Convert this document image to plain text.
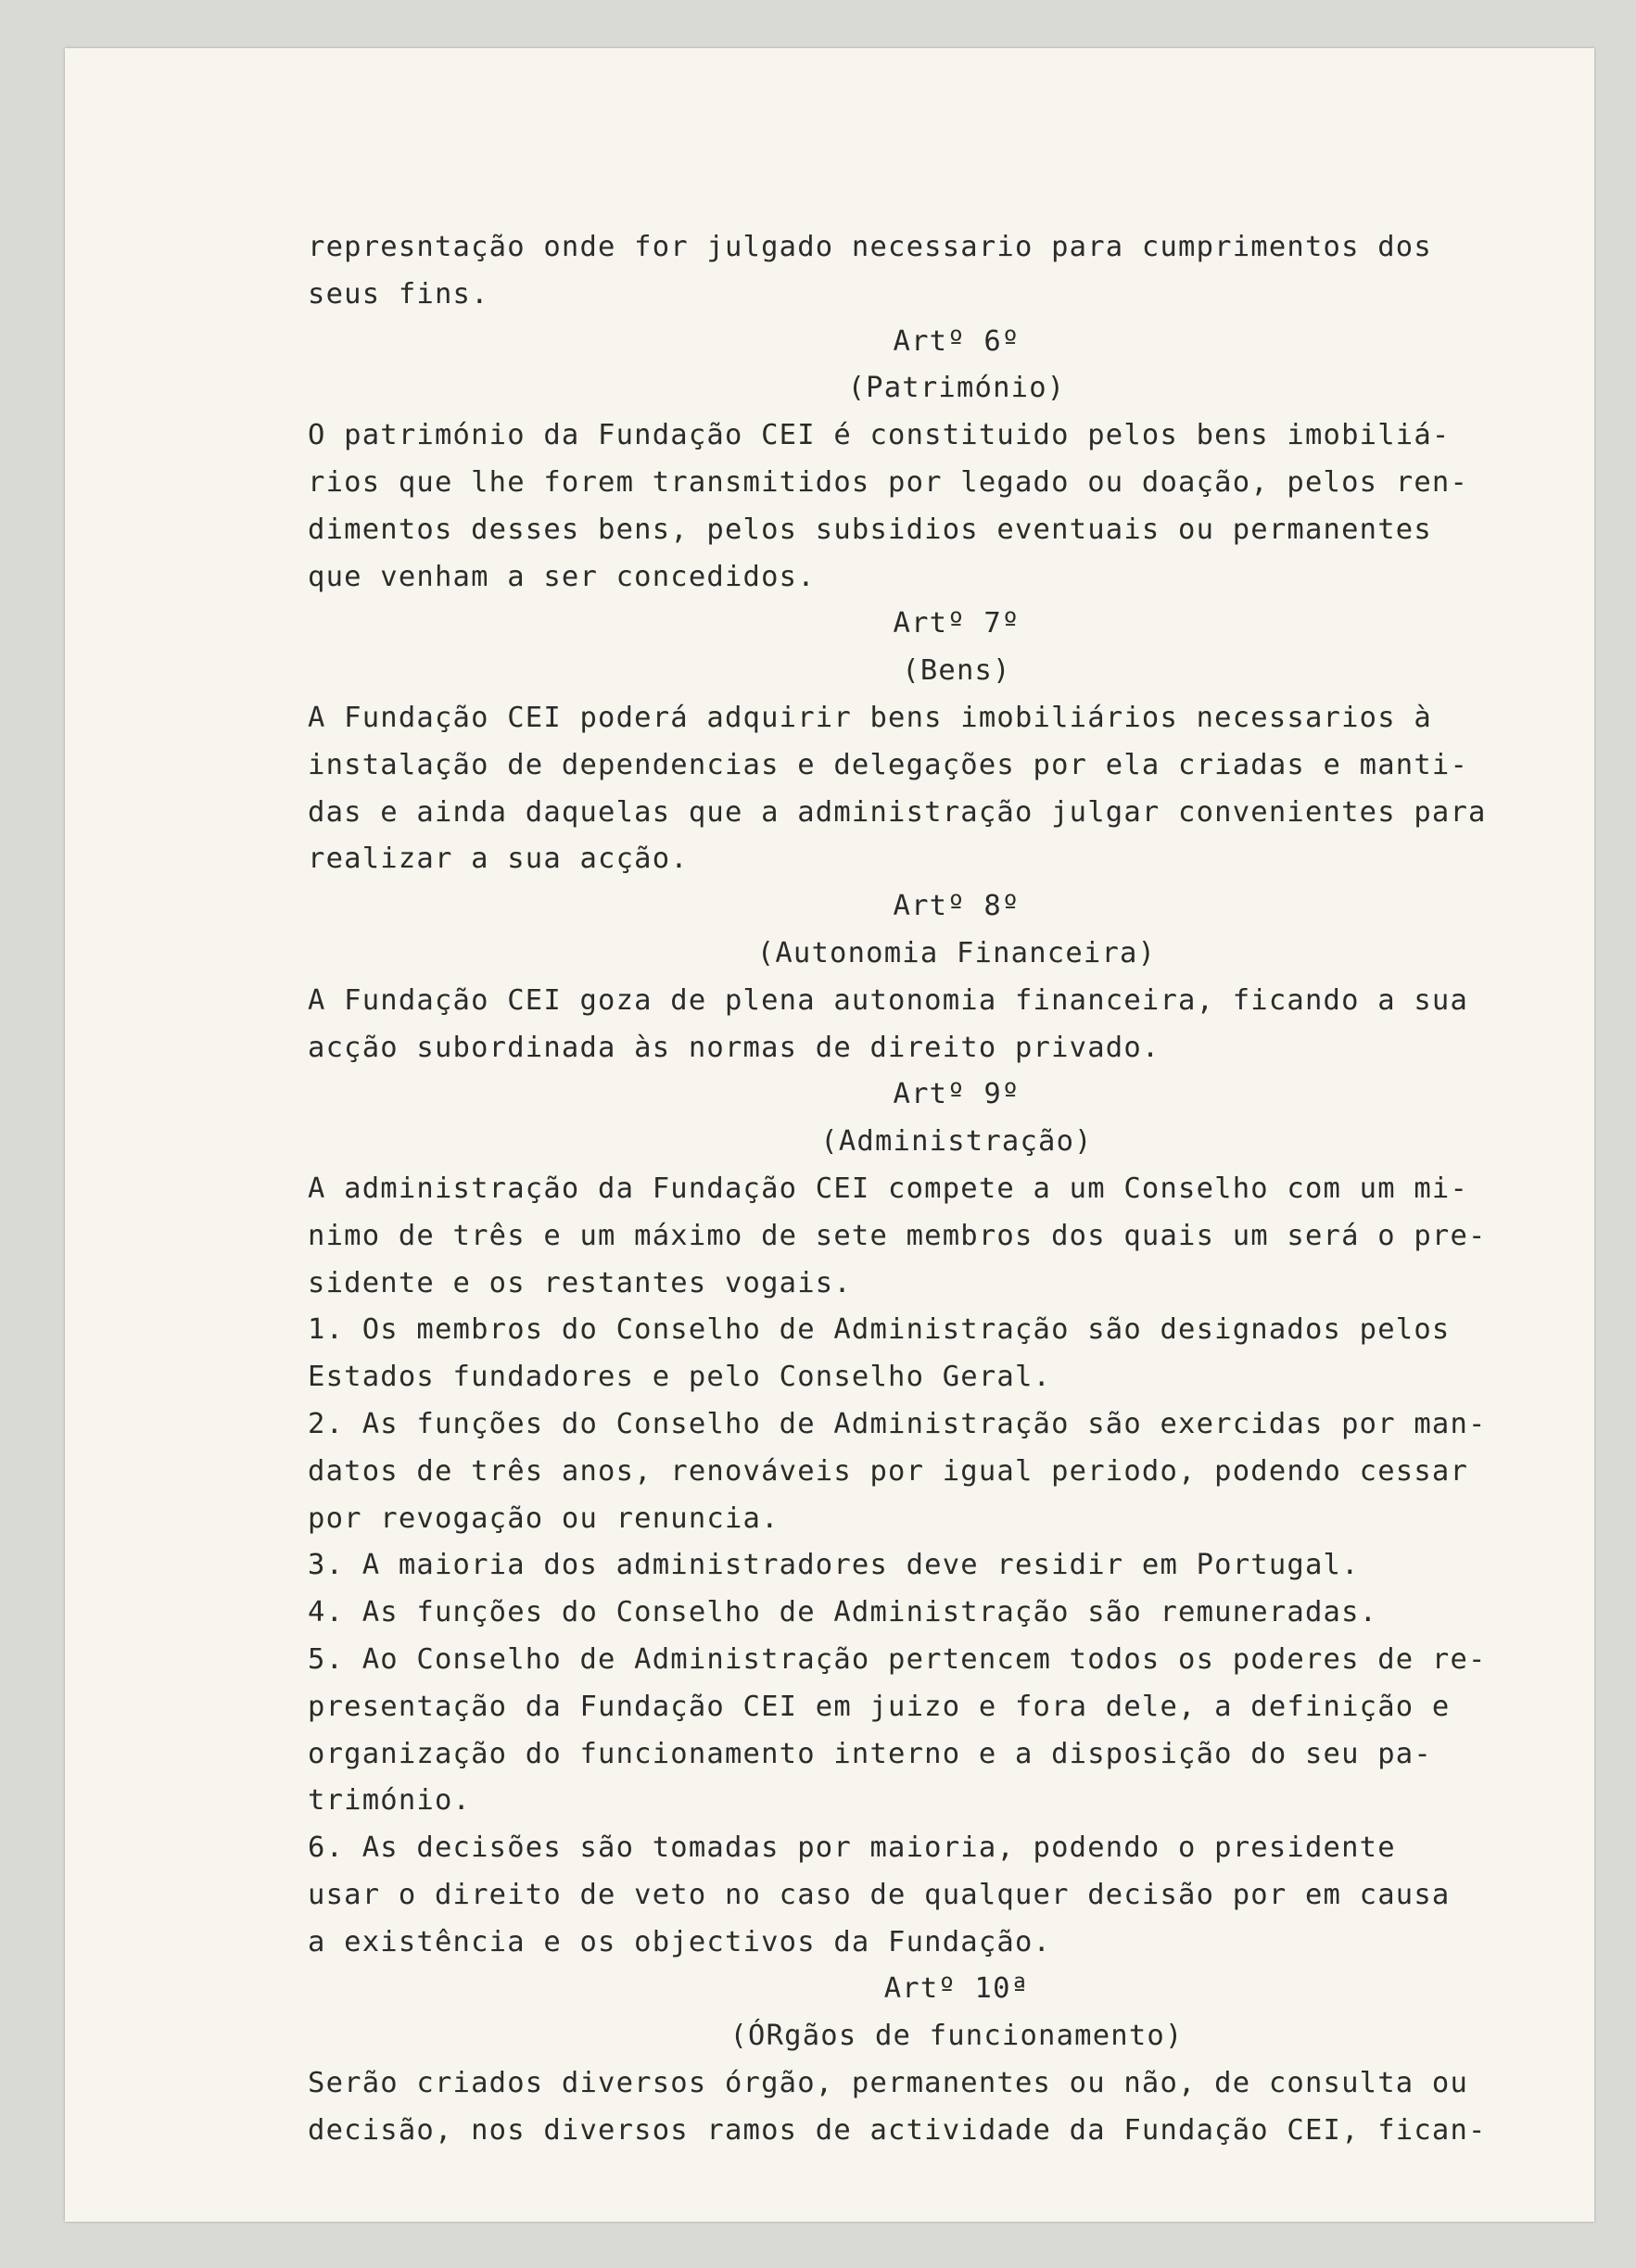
represntação onde for julgado necessario para cumprimentos dos
seus fins.
Artº 6º
(Património)
O património da Fundação CEI é constituido pelos bens imobiliá-
rios que lhe forem transmitidos por legado ou doação, pelos ren-
dimentos desses bens, pelos subsidios eventuais ou permanentes
que venham a ser concedidos.
Artº 7º
(Bens)
A Fundação CEI poderá adquirir bens imobiliários necessarios à
instalação de dependencias e delegações por ela criadas e manti-
das e ainda daquelas que a administração julgar convenientes para
realizar a sua acção.
Artº 8º
(Autonomia Financeira)
A Fundação CEI goza de plena autonomia financeira, ficando a sua
acção subordinada às normas de direito privado.
Artº 9º
(Administração)
A administração da Fundação CEI compete a um Conselho com um mi-
nimo de três e um máximo de sete membros dos quais um será o pre-
sidente e os restantes vogais.
1. Os membros do Conselho de Administração são designados pelos
Estados fundadores e pelo Conselho Geral.
2. As funções do Conselho de Administração são exercidas por man-
datos de três anos, renováveis por igual periodo, podendo cessar
por revogação ou renuncia.
3. A maioria dos administradores deve residir em Portugal.
4. As funções do Conselho de Administração são remuneradas.
5. Ao Conselho de Administração pertencem todos os poderes de re-
presentação da Fundação CEI em juizo e fora dele, a definição e
organização do funcionamento interno e a disposição do seu pa-
trimónio.
6. As decisões são tomadas por maioria, podendo o presidente
usar o direito de veto no caso de qualquer decisão por em causa
a existência e os objectivos da Fundação.
Artº 10ª
(ÓRgãos de funcionamento)
Serão criados diversos órgão, permanentes ou não, de consulta ou
decisão, nos diversos ramos de actividade da Fundação CEI, fican-
